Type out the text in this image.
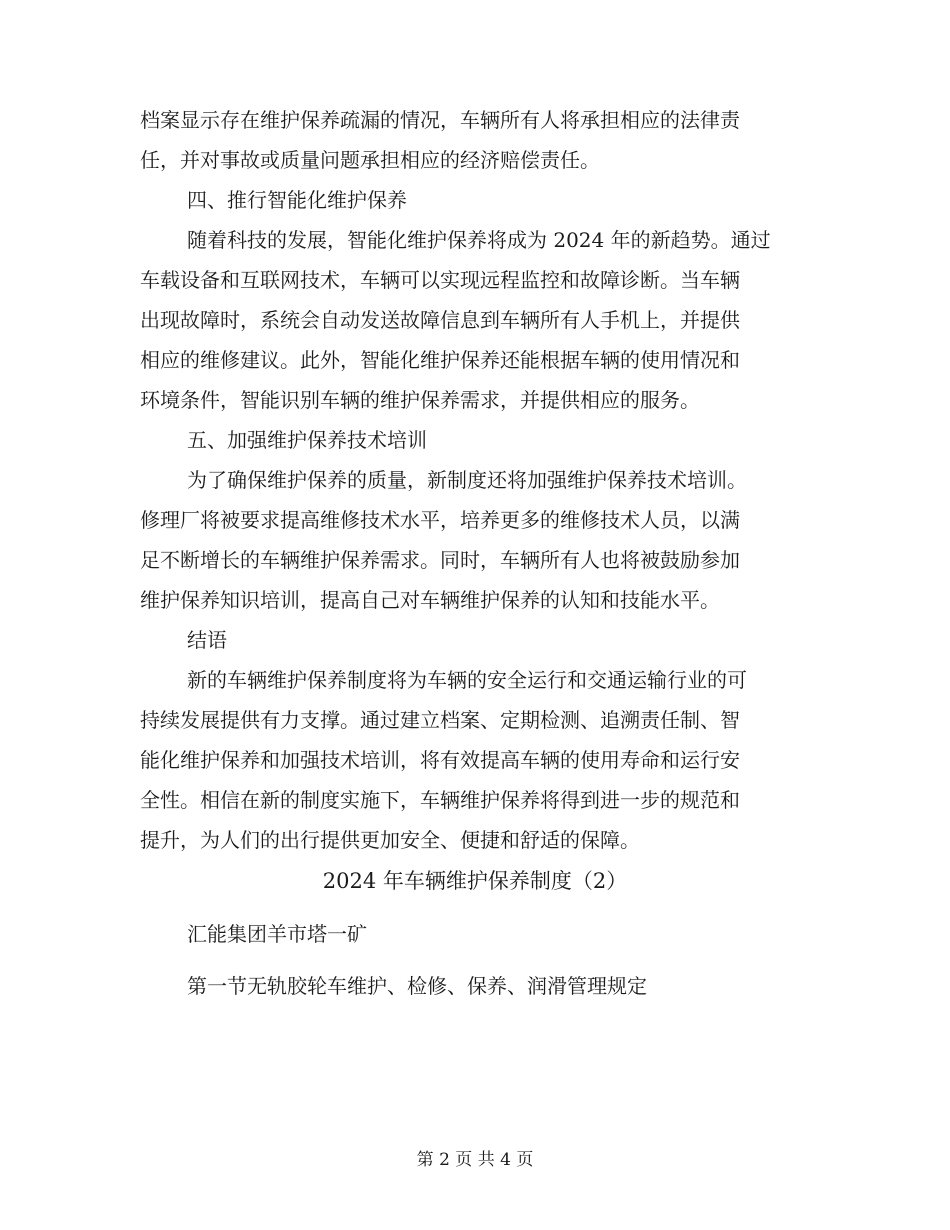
档案显示存在维护保养疏漏的情况，车辆所有人将承担相应的法律责

任，并对事故或质量问题承担相应的经济赔偿责任。

四、推行智能化维护保养

随着科技的发展，智能化维护保养将成为 2024 年的新趋势。通过

车载设备和互联网技术，车辆可以实现远程监控和故障诊断。当车辆

出现故障时，系统会自动发送故障信息到车辆所有人手机上，并提供

相应的维修建议。此外，智能化维护保养还能根据车辆的使用情况和

环境条件，智能识别车辆的维护保养需求，并提供相应的服务。

五、加强维护保养技术培训

为了确保维护保养的质量，新制度还将加强维护保养技术培训。

修理厂将被要求提高维修技术水平，培养更多的维修技术人员，以满

足不断增长的车辆维护保养需求。同时，车辆所有人也将被鼓励参加

维护保养知识培训，提高自己对车辆维护保养的认知和技能水平。

结语

新的车辆维护保养制度将为车辆的安全运行和交通运输行业的可

持续发展提供有力支撑。通过建立档案、定期检测、追溯责任制、智

能化维护保养和加强技术培训，将有效提高车辆的使用寿命和运行安

全性。相信在新的制度实施下，车辆维护保养将得到进一步的规范和

提升，为人们的出行提供更加安全、便捷和舒适的保障。

2024 年车辆维护保养制度（2）

汇能集团羊市塔一矿

第一节无轨胶轮车维护、检修、保养、润滑管理规定

第 2 页 共 4 页
